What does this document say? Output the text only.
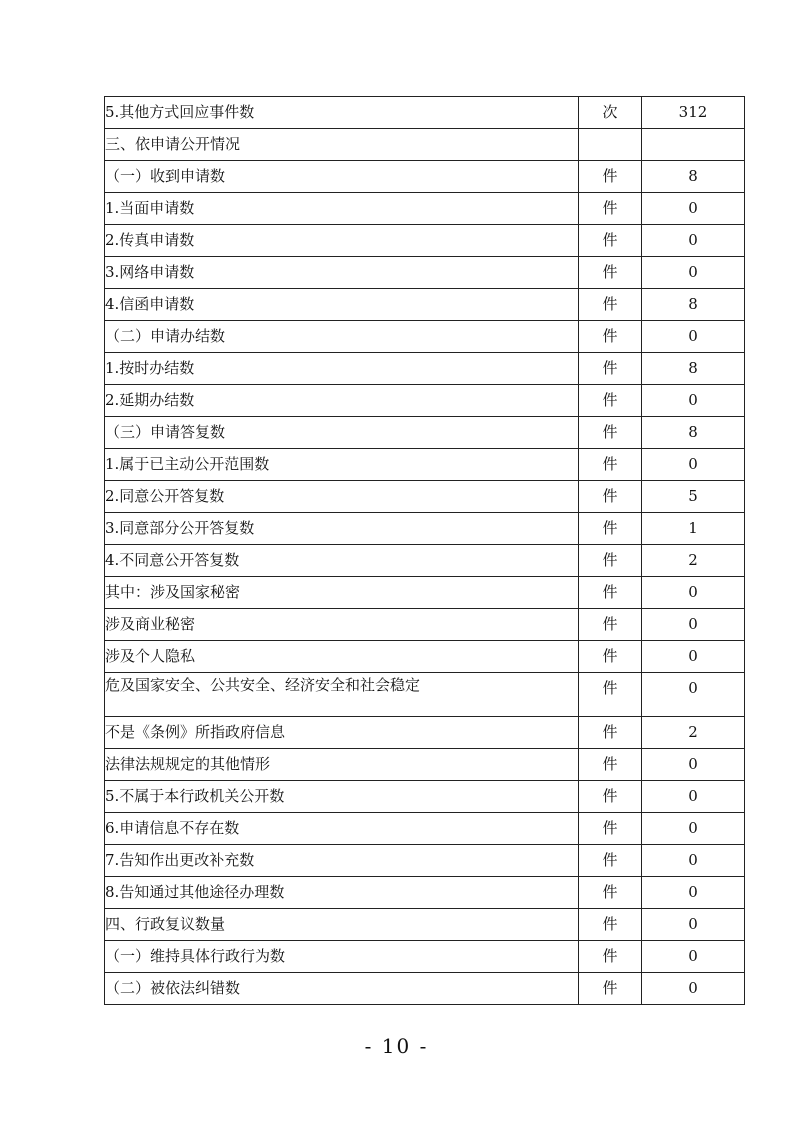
5.其他方式回应事件数	次	312
三、依申请公开情况		
（一）收到申请数	件	8
1.当面申请数	件	0
2.传真申请数	件	0
3.网络申请数	件	0
4.信函申请数	件	8
（二）申请办结数	件	0
1.按时办结数	件	8
2.延期办结数	件	0
（三）申请答复数	件	8
1.属于已主动公开范围数	件	0
2.同意公开答复数	件	5
3.同意部分公开答复数	件	1
4.不同意公开答复数	件	2
其中：涉及国家秘密	件	0
涉及商业秘密	件	0
涉及个人隐私	件	0
危及国家安全、公共安全、经济安全和社会稳定	件	0
不是《条例》所指政府信息	件	2
法律法规规定的其他情形	件	0
5.不属于本行政机关公开数	件	0
6.申请信息不存在数	件	0
7.告知作出更改补充数	件	0
8.告知通过其他途径办理数	件	0
四、行政复议数量	件	0
（一）维持具体行政行为数	件	0
（二）被依法纠错数	件	0
- 10 -
